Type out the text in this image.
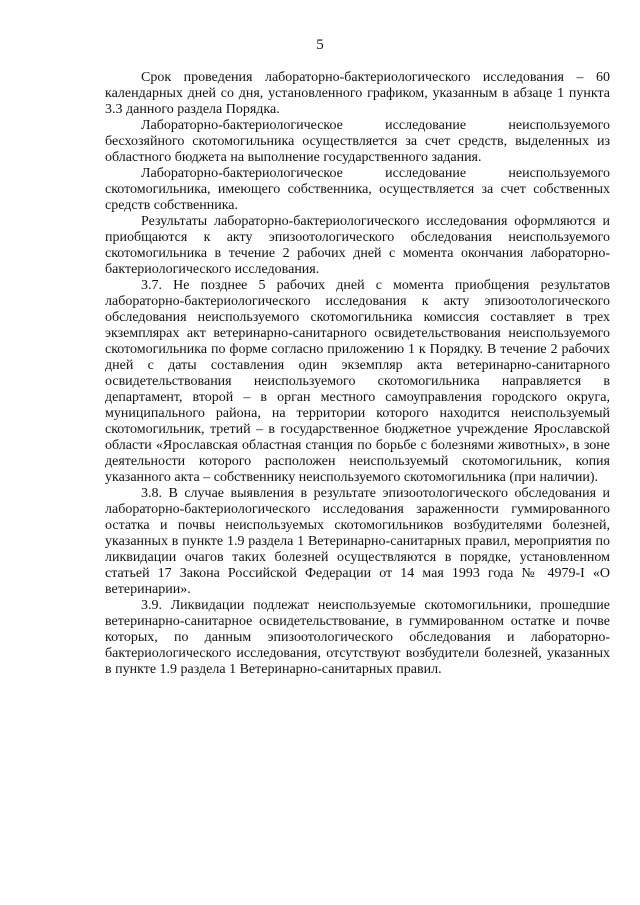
5

Срок проведения лабораторно-бактериологического исследования – 60 календарных дней со дня, установленного графиком, указанным в абзаце 1 пункта 3.3 данного раздела Порядка.

Лабораторно-бактериологическое исследование неиспользуемого бесхозяйного скотомогильника осуществляется за счет средств, выделенных из областного бюджета на выполнение государственного задания.

Лабораторно-бактериологическое исследование неиспользуемого скотомогильника, имеющего собственника, осуществляется за счет собственных средств собственника.

Результаты лабораторно-бактериологического исследования оформляются и приобщаются к акту эпизоотологического обследования неиспользуемого скотомогильника в течение 2 рабочих дней с момента окончания лабораторно-бактериологического исследования.

3.7. Не позднее 5 рабочих дней с момента приобщения результатов лабораторно-бактериологического исследования к акту эпизоотологического обследования неиспользуемого скотомогильника комиссия составляет в трех экземплярах акт ветеринарно-санитарного освидетельствования неиспользуемого скотомогильника по форме согласно приложению 1 к Порядку. В течение 2 рабочих дней с даты составления один экземпляр акта ветеринарно-санитарного освидетельствования неиспользуемого скотомогильника направляется в департамент, второй – в орган местного самоуправления городского округа, муниципального района, на территории которого находится неиспользуемый скотомогильник, третий – в государственное бюджетное учреждение Ярославской области «Ярославская областная станция по борьбе с болезнями животных», в зоне деятельности которого расположен неиспользуемый скотомогильник, копия указанного акта – собственнику неиспользуемого скотомогильника (при наличии).

3.8. В случае выявления в результате эпизоотологического обследования и лабораторно-бактериологического исследования зараженности гуммированного остатка и почвы неиспользуемых скотомогильников возбудителями болезней, указанных в пункте 1.9 раздела 1 Ветеринарно-санитарных правил, мероприятия по ликвидации очагов таких болезней осуществляются в порядке, установленном статьей 17 Закона Российской Федерации от 14 мая 1993 года № 4979-I «О ветеринарии».

3.9. Ликвидации подлежат неиспользуемые скотомогильники, прошедшие ветеринарно-санитарное освидетельствование, в гуммированном остатке и почве которых, по данным эпизоотологического обследования и лабораторно-бактериологического исследования, отсутствуют возбудители болезней, указанных в пункте 1.9 раздела 1 Ветеринарно-санитарных правил.
